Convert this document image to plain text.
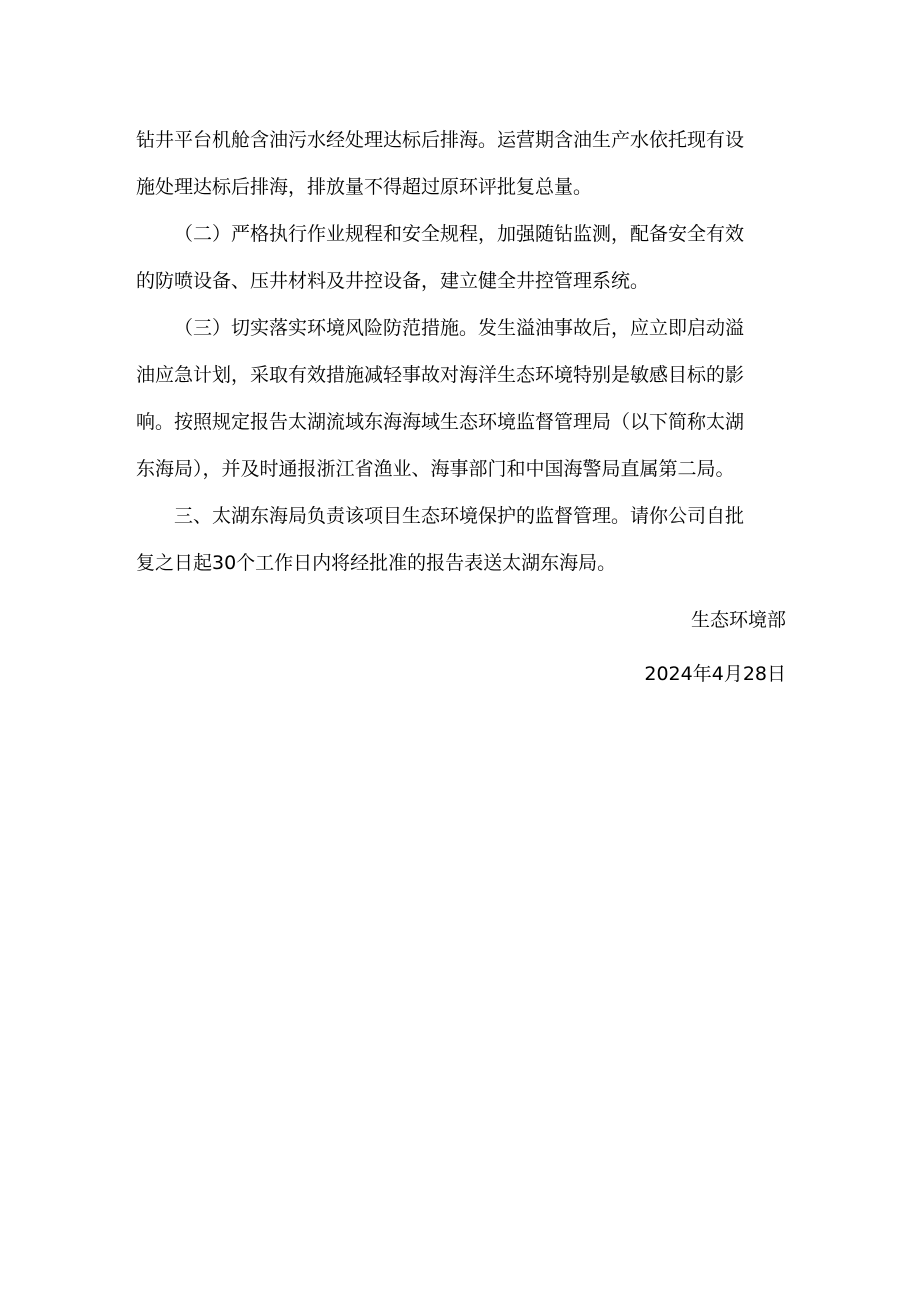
钻井平台机舱含油污水经处理达标后排海。运营期含油生产水依托现有设
施处理达标后排海，排放量不得超过原环评批复总量。
（二）严格执行作业规程和安全规程，加强随钻监测，配备安全有效
的防喷设备、压井材料及井控设备，建立健全井控管理系统。
（三）切实落实环境风险防范措施。发生溢油事故后，应立即启动溢
油应急计划，采取有效措施减轻事故对海洋生态环境特别是敏感目标的影
响。按照规定报告太湖流域东海海域生态环境监督管理局（以下简称太湖
东海局），并及时通报浙江省渔业、海事部门和中国海警局直属第二局。
三、太湖东海局负责该项目生态环境保护的监督管理。请你公司自批
复之日起30个工作日内将经批准的报告表送太湖东海局。
生态环境部
2024年4月28日
